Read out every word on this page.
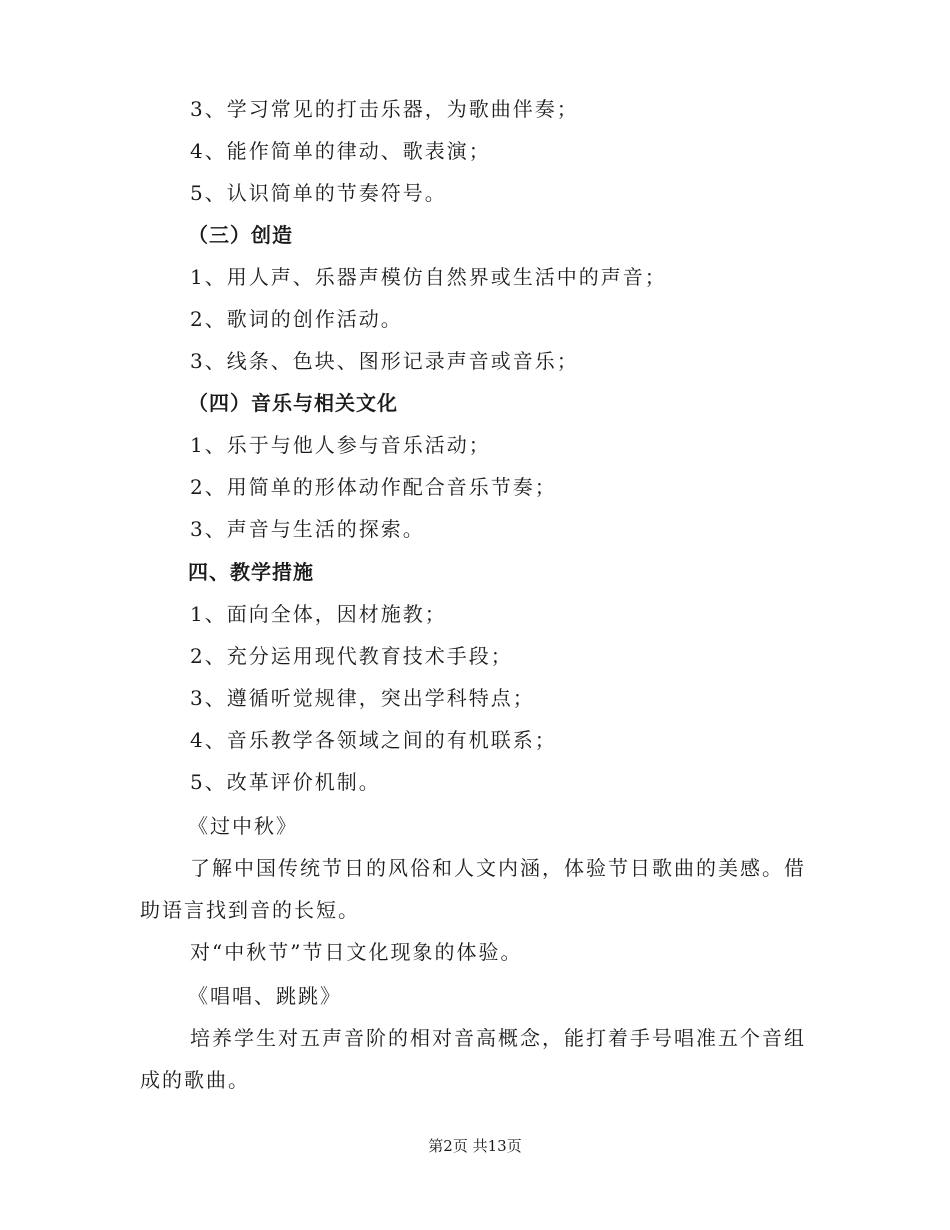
3、学习常见的打击乐器，为歌曲伴奏；
4、能作简单的律动、歌表演；
5、认识简单的节奏符号。
（三）创造
1、用人声、乐器声模仿自然界或生活中的声音；
2、歌词的创作活动。
3、线条、色块、图形记录声音或音乐；
（四）音乐与相关文化
1、乐于与他人参与音乐活动；
2、用简单的形体动作配合音乐节奏；
3、声音与生活的探索。
四、教学措施
1、面向全体，因材施教；
2、充分运用现代教育技术手段；
3、遵循听觉规律，突出学科特点；
4、音乐教学各领域之间的有机联系；
5、改革评价机制。
《过中秋》
了解中国传统节日的风俗和人文内涵，体验节日歌曲的美感。借
助语言找到音的长短。
对“中秋节”节日文化现象的体验。
《唱唱、跳跳》
培养学生对五声音阶的相对音高概念，能打着手号唱准五个音组
成的歌曲。
第2页 共13页
